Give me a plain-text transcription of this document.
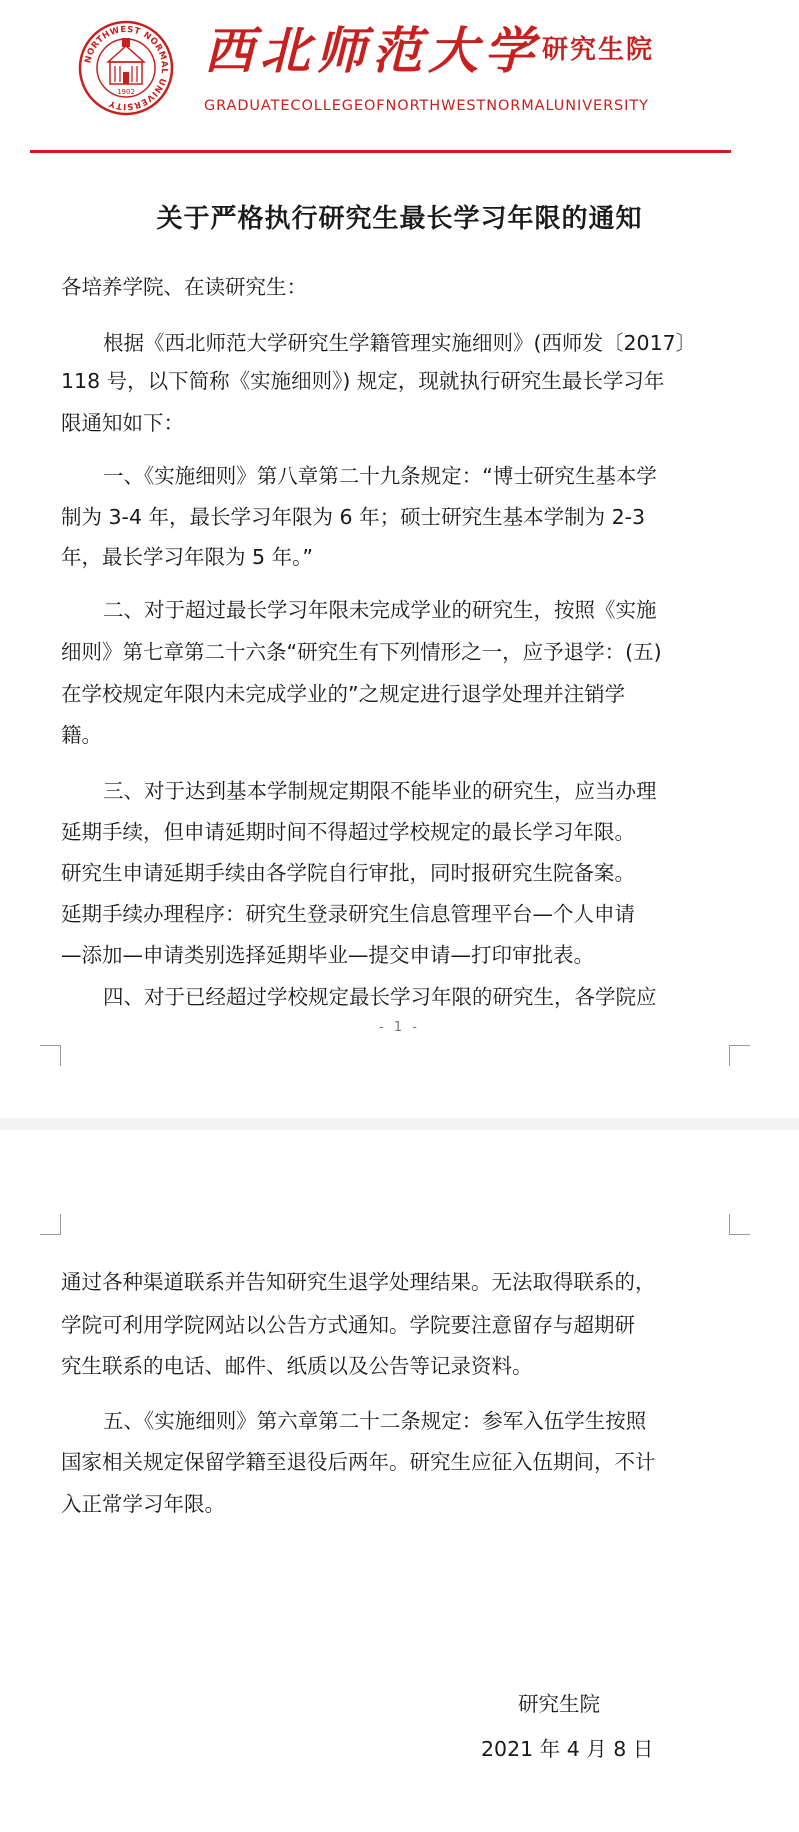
NORTHWEST NORMAL UNIVERSITY
1902
西北师范大学 研究生院
GRADUATECOLLEGEOFNORTHWESTNORMALUNIVERSITY
关于严格执行研究生最长学习年限的通知
各培养学院、在读研究生：
根据《西北师范大学研究生学籍管理实施细则》(西师发〔2017〕
118 号，以下简称《实施细则》) 规定，现就执行研究生最长学习年
限通知如下：
一、《实施细则》第八章第二十九条规定：“博士研究生基本学
制为 3-4 年，最长学习年限为 6 年；硕士研究生基本学制为 2-3
年，最长学习年限为 5 年。”
二、对于超过最长学习年限未完成学业的研究生，按照《实施
细则》第七章第二十六条“研究生有下列情形之一，应予退学：(五)
在学校规定年限内未完成学业的”之规定进行退学处理并注销学
籍。
三、对于达到基本学制规定期限不能毕业的研究生，应当办理
延期手续，但申请延期时间不得超过学校规定的最长学习年限。
研究生申请延期手续由各学院自行审批，同时报研究生院备案。
延期手续办理程序：研究生登录研究生信息管理平台—个人申请
—添加—申请类别选择延期毕业—提交申请—打印审批表。
四、对于已经超过学校规定最长学习年限的研究生，各学院应
- 1 -
通过各种渠道联系并告知研究生退学处理结果。无法取得联系的，
学院可利用学院网站以公告方式通知。学院要注意留存与超期研
究生联系的电话、邮件、纸质以及公告等记录资料。
五、《实施细则》第六章第二十二条规定：参军入伍学生按照
国家相关规定保留学籍至退役后两年。研究生应征入伍期间，不计
入正常学习年限。
研究生院
2021 年 4 月 8 日
